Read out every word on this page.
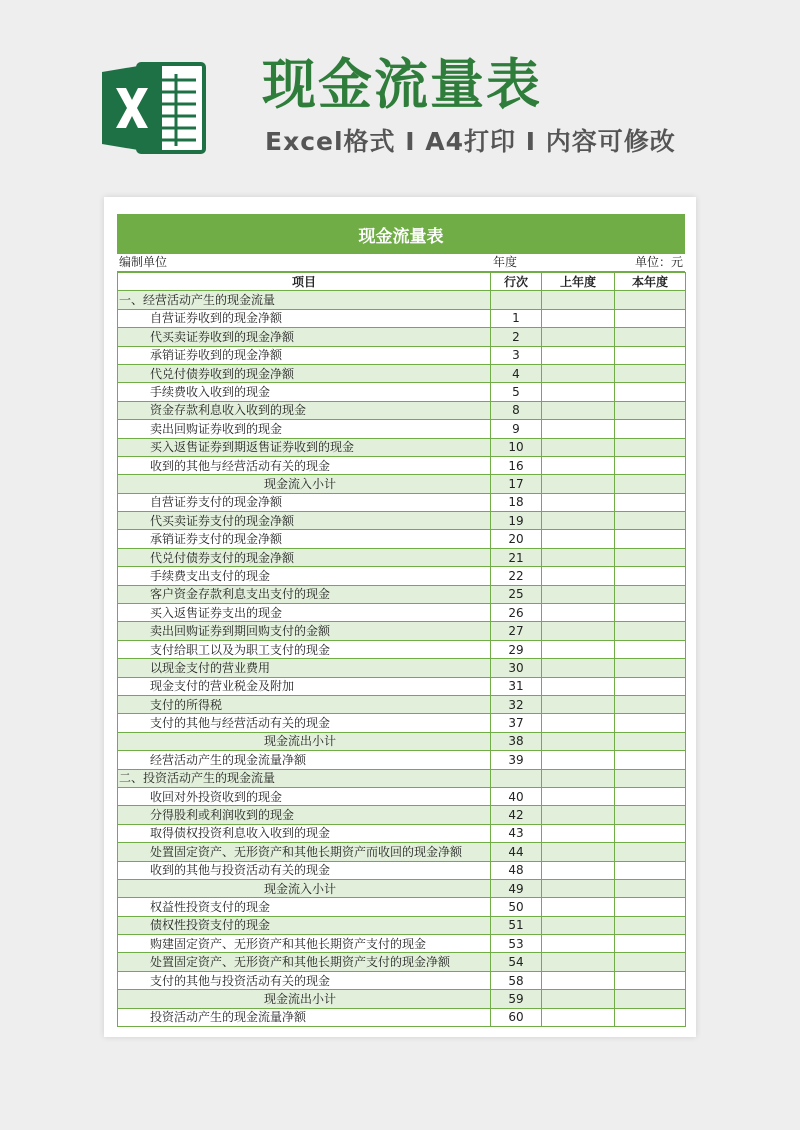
现金流量表
Excel格式 I A4打印 I 内容可修改
现金流量表
编制单位	年度	单位：元
项目	行次	上年度	本年度
一、经营活动产生的现金流量			
自营证券收到的现金净额	1		
代买卖证券收到的现金净额	2		
承销证券收到的现金净额	3		
代兑付债券收到的现金净额	4		
手续费收入收到的现金	5		
资金存款利息收入收到的现金	8		
卖出回购证券收到的现金	9		
买入返售证券到期返售证券收到的现金	10		
收到的其他与经营活动有关的现金	16		
现金流入小计	17		
自营证券支付的现金净额	18		
代买卖证券支付的现金净额	19		
承销证券支付的现金净额	20		
代兑付债券支付的现金净额	21		
手续费支出支付的现金	22		
客户资金存款利息支出支付的现金	25		
买入返售证券支出的现金	26		
卖出回购证券到期回购支付的金额	27		
支付给职工以及为职工支付的现金	29		
以现金支付的营业费用	30		
现金支付的营业税金及附加	31		
支付的所得税	32		
支付的其他与经营活动有关的现金	37		
现金流出小计	38		
经营活动产生的现金流量净额	39		
二、投资活动产生的现金流量			
收回对外投资收到的现金	40		
分得股利或利润收到的现金	42		
取得债权投资利息收入收到的现金	43		
处置固定资产、无形资产和其他长期资产而收回的现金净额	44		
收到的其他与投资活动有关的现金	48		
现金流入小计	49		
权益性投资支付的现金	50		
债权性投资支付的现金	51		
购建固定资产、无形资产和其他长期资产支付的现金	53		
处置固定资产、无形资产和其他长期资产支付的现金净额	54		
支付的其他与投资活动有关的现金	58		
现金流出小计	59		
投资活动产生的现金流量净额	60		
